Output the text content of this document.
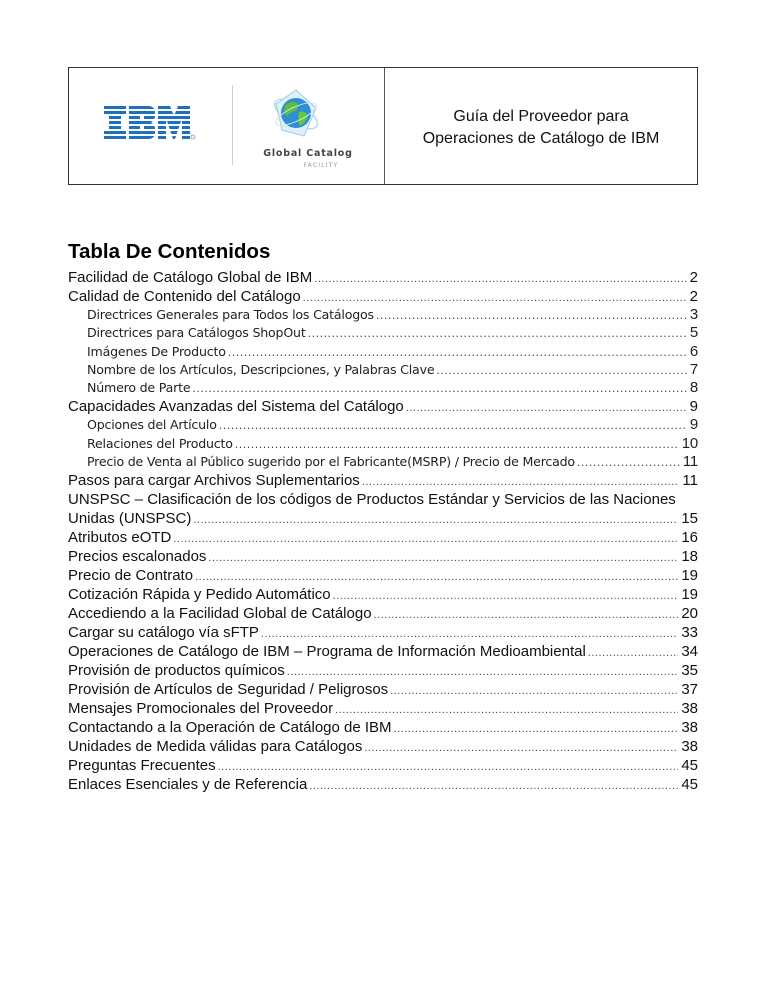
Global Catalog
FACILITY
Guía del Proveedor para
Operaciones de Catálogo de IBM
Tabla De Contenidos
Facilidad de Catálogo Global de IBM .....	2
Calidad de Contenido del Catálogo .....	2
Directrices Generales para Todos los Catálogos .....	3
Directrices para Catálogos ShopOut .....	5
Imágenes De Producto .....	6
Nombre de los Artículos, Descripciones, y Palabras Clave .....	7
Número de Parte .....	8
Capacidades Avanzadas del Sistema del Catálogo .....	9
Opciones del Artículo .....	9
Relaciones del Producto .....	10
Precio de Venta al Público sugerido por el Fabricante(MSRP) / Precio de Mercado .....	11
Pasos para cargar Archivos Suplementarios .....	11
UNSPSC – Clasificación de los códigos de Productos Estándar y Servicios de las Naciones
Unidas (UNSPSC) .....	15
Atributos eOTD .....	16
Precios escalonados .....	18
Precio de Contrato .....	19
Cotización Rápida y Pedido Automático .....	19
Accediendo a la Facilidad Global de Catálogo .....	20
Cargar su catálogo vía sFTP .....	33
Operaciones de Catálogo de IBM – Programa de Información Medioambiental .....	34
Provisión de productos químicos .....	35
Provisión de Artículos de Seguridad / Peligrosos .....	37
Mensajes Promocionales del Proveedor .....	38
Contactando a la Operación de Catálogo de IBM .....	38
Unidades de Medida válidas para Catálogos .....	38
Preguntas Frecuentes .....	45
Enlaces Esenciales y de Referencia .....	45
